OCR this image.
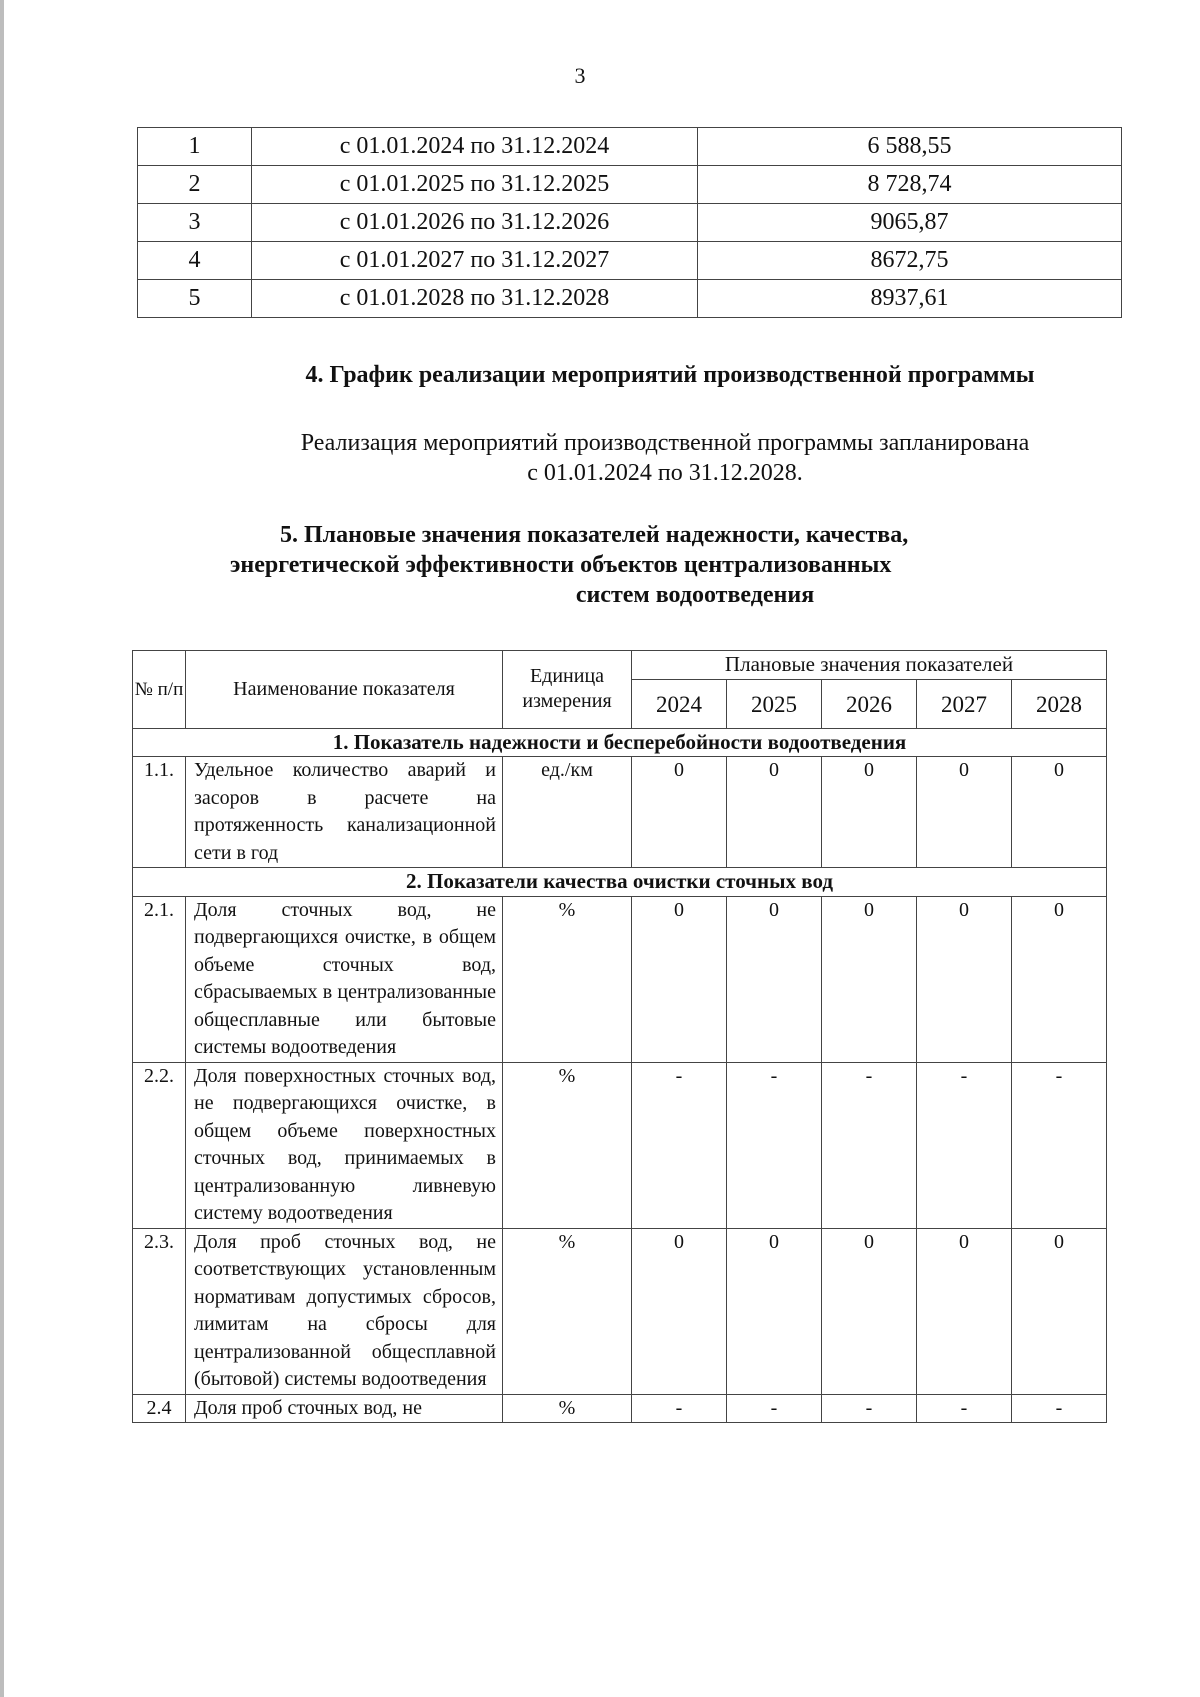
3
1	с 01.01.2024 по 31.12.2024	6 588,55
2	с 01.01.2025 по 31.12.2025	8 728,74
3	с 01.01.2026 по 31.12.2026	9065,87
4	с 01.01.2027 по 31.12.2027	8672,75
5	с 01.01.2028 по 31.12.2028	8937,61
4. График реализации мероприятий производственной программы
Реализация мероприятий производственной программы запланирована
с 01.01.2024 по 31.12.2028.
5. Плановые значения показателей надежности, качества,
энергетической эффективности объектов централизованных
систем водоотведения
№ п/п	Наименование показателя	Единица измерения	Плановые значения показателей				
			2024	2025	2026	2027	2028
1. Показатель надежности и бесперебойности водоотведения							
1.1.	Удельное количество аварий и засоров в расчете на протяженность канализационной сети в год	ед./км	0	0	0	0	0
2. Показатели качества очистки сточных вод							
2.1.	Доля сточных вод, не подвергающихся очистке, в общем объеме сточных вод, сбрасываемых в централизованные общесплавные или бытовые системы водоотведения	%	0	0	0	0	0
2.2.	Доля поверхностных сточных вод, не подвергающихся очистке, в общем объеме поверхностных сточных вод, принимаемых в централизованную ливневую систему водоотведения	%	-	-	-	-	-
2.3.	Доля проб сточных вод, не соответствующих установленным нормативам допустимых сбросов, лимитам на сбросы для централизованной общесплавной (бытовой) системы водоотведения	%	0	0	0	0	0
2.4	Доля проб сточных вод, не	%	-	-	-	-	-
